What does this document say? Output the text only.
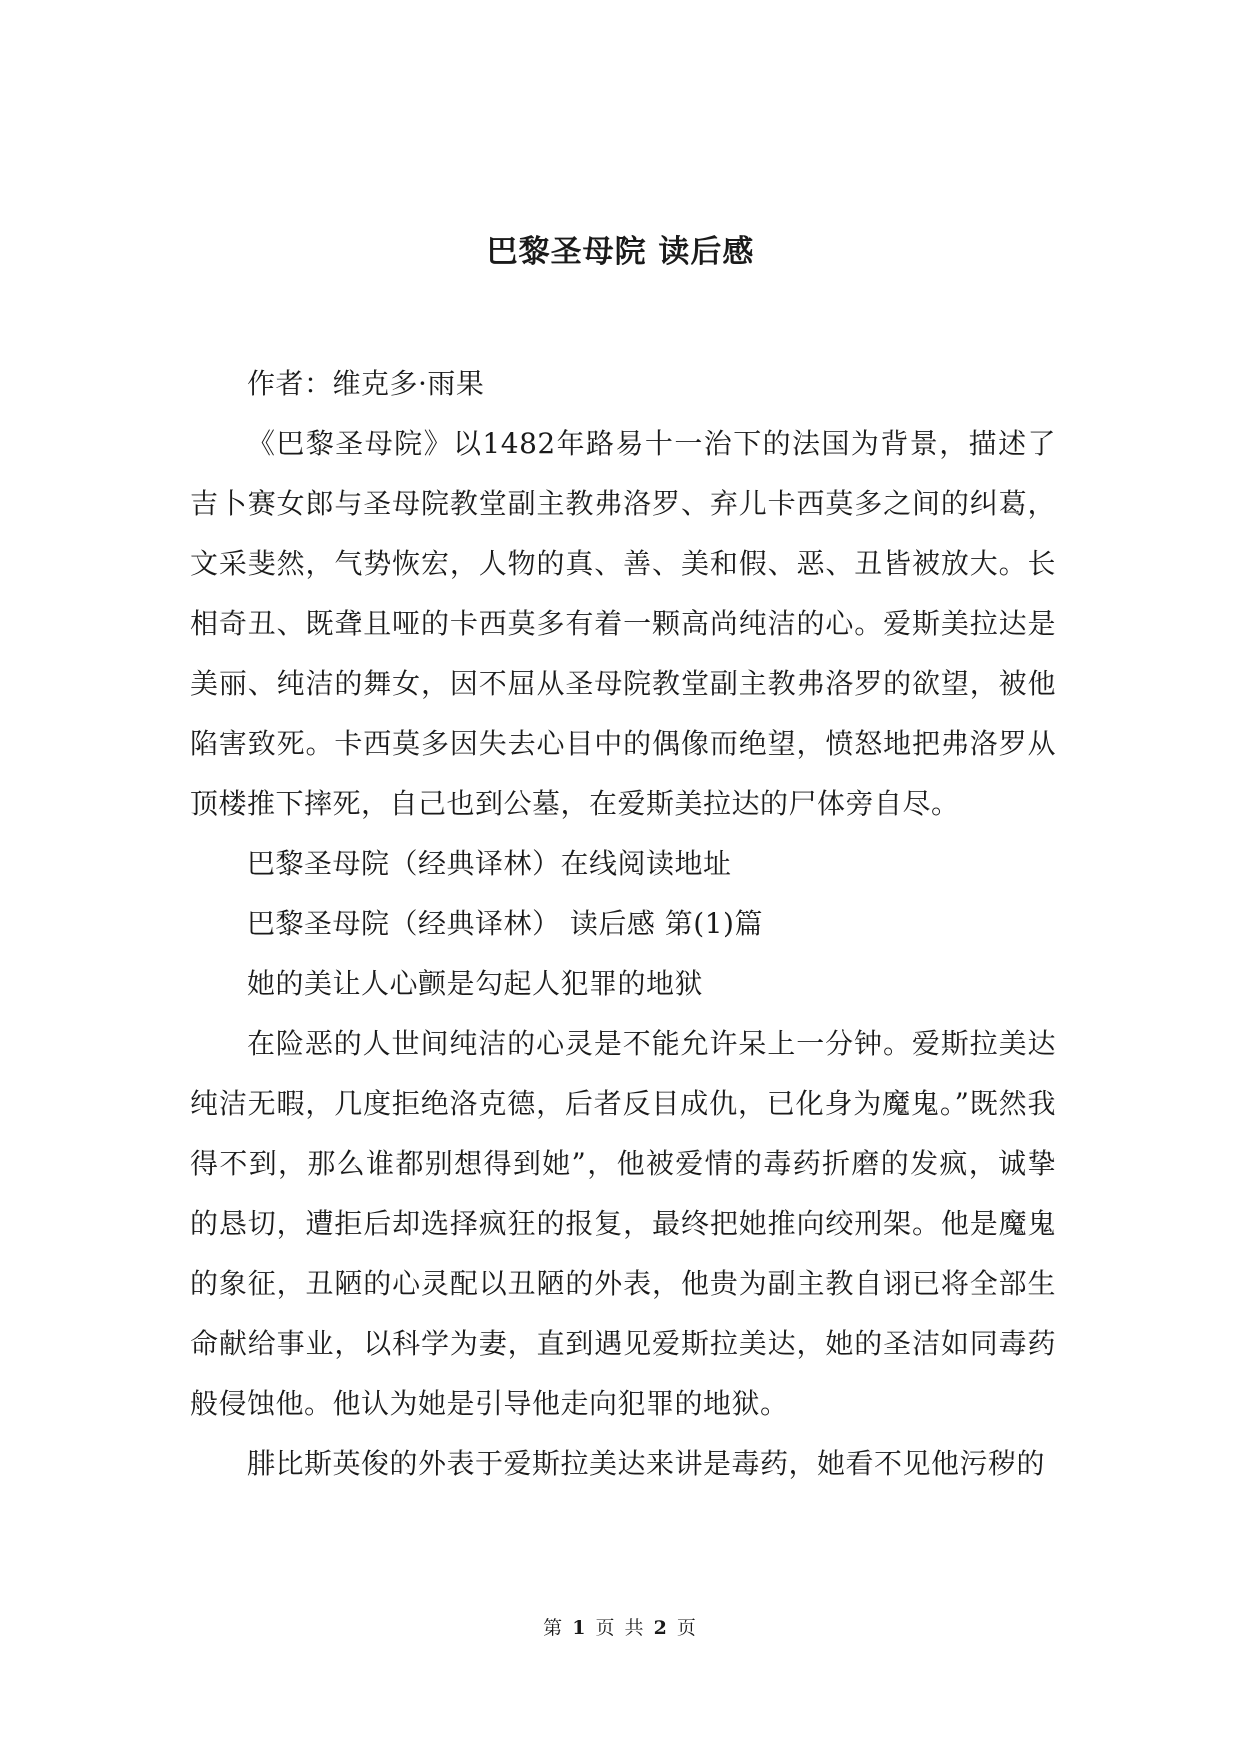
巴黎圣母院 读后感

作者：维克多·雨果

《巴黎圣母院》以1482年路易十一治下的法国为背景，描述了吉卜赛女郎与圣母院教堂副主教弗洛罗、弃儿卡西莫多之间的纠葛，文采斐然，气势恢宏，人物的真、善、美和假、恶、丑皆被放大。长相奇丑、既聋且哑的卡西莫多有着一颗高尚纯洁的心。爱斯美拉达是美丽、纯洁的舞女，因不屈从圣母院教堂副主教弗洛罗的欲望，被他陷害致死。卡西莫多因失去心目中的偶像而绝望，愤怒地把弗洛罗从顶楼推下摔死，自己也到公墓，在爱斯美拉达的尸体旁自尽。

巴黎圣母院（经典译林）在线阅读地址

巴黎圣母院（经典译林） 读后感 第(1)篇

她的美让人心颤是勾起人犯罪的地狱

在险恶的人世间纯洁的心灵是不能允许呆上一分钟。爱斯拉美达纯洁无暇，几度拒绝洛克德，后者反目成仇，已化身为魔鬼。”既然我得不到，那么谁都别想得到她”，他被爱情的毒药折磨的发疯，诚挚的恳切，遭拒后却选择疯狂的报复，最终把她推向绞刑架。他是魔鬼的象征，丑陋的心灵配以丑陋的外表，他贵为副主教自诩已将全部生命献给事业，以科学为妻，直到遇见爱斯拉美达，她的圣洁如同毒药般侵蚀他。他认为她是引导他走向犯罪的地狱。

腓比斯英俊的外表于爱斯拉美达来讲是毒药，她看不见他污秽的

第 1 页 共 2 页
